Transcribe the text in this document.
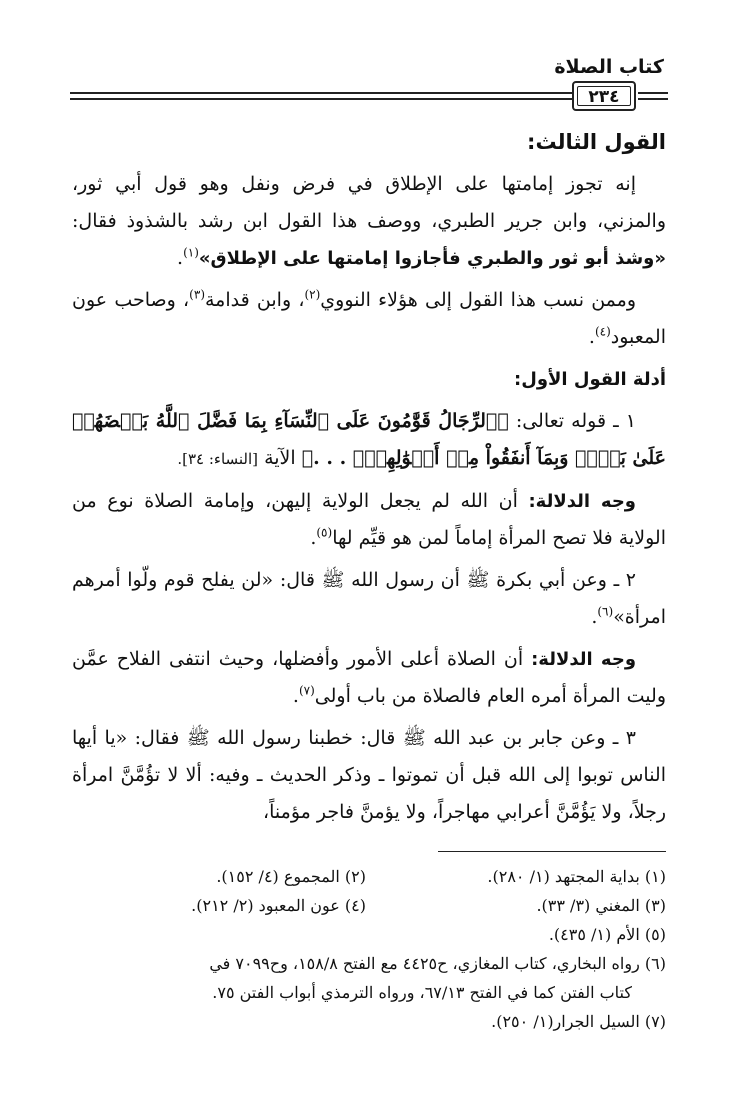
كتاب الصلاة
٢٣٤

القول الثالث:

إنه تجوز إمامتها على الإطلاق في فرض ونفل وهو قول أبي ثور، والمزني، وابن جرير الطبري، ووصف هذا القول ابن رشد بالشذوذ فقال: «وشذ أبو ثور والطبري فأجازوا إمامتها على الإطلاق»$^{(١)}$.

وممن نسب هذا القول إلى هؤلاء النووي$^{(٢)}$، وابن قدامة$^{(٣)}$، وصاحب عون المعبود$^{(٤)}$.

أدلة القول الأول:

١ ـ قوله تعالى: ﴿ٱلرِّجَالُ قَوَّٰمُونَ عَلَى ٱلنِّسَآءِ بِمَا فَضَّلَ ٱللَّهُ بَعۡضَهُمۡ عَلَىٰ بَعۡضٖ وَبِمَآ أَنفَقُواْ مِنۡ أَمۡوَٰلِهِمۡۚ . . .﴾ الآية [النساء: ٣٤].

وجه الدلالة: أن الله لم يجعل الولاية إليهن، وإمامة الصلاة نوع من الولاية فلا تصح المرأة إماماً لمن هو قيِّم لها$^{(٥)}$.

٢ ـ وعن أبي بكرة ﷺ أن رسول الله ﷺ قال: «لن يفلح قوم ولّوا أمرهم امرأة»$^{(٦)}$.

وجه الدلالة: أن الصلاة أعلى الأمور وأفضلها، وحيث انتفى الفلاح عمَّن وليت المرأة أمره العام فالصلاة من باب أولى$^{(٧)}$.

٣ ـ وعن جابر بن عبد الله ﷺ قال: خطبنا رسول الله ﷺ فقال: «يا أيها الناس توبوا إلى الله قبل أن تموتوا ـ وذكر الحديث ـ وفيه: ألا لا تؤُمَّنَّ امرأة رجلاً، ولا يَؤُمَّنَّ أعرابي مهاجراً، ولا يؤمنَّ فاجر مؤمناً،

(١) بداية المجتهد (١/ ٢٨٠).

(٢) المجموع (٤/ ١٥٢).

(٣) المغني (٣/ ٣٣).

(٤) عون المعبود (٢/ ٢١٢).

(٥) الأم (١/ ٤٣٥).

(٦) رواه البخاري، كتاب المغازي، ح٤٤٢٥ مع الفتح ١٥٨/٨، وح٧٠٩٩ في

كتاب الفتن كما في الفتح ٦٧/١٣، ورواه الترمذي أبواب الفتن ٧٥.

(٧) السيل الجرار(١/ ٢٥٠).
